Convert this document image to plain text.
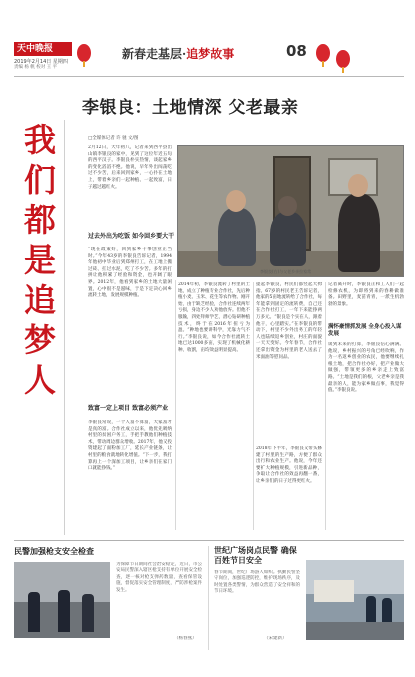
天中晚报
2019年2月14日 星期四
责编 杨 帆 校对 王 平
新春走基层·追梦故事	08
李银良：土地情深 父老最亲
我
们
都
是
追
梦
人
□全媒体记者 许 驰 文/图
2月12日，大年初八，记者来到西平县出山镇李银良的家中，见到了这位年近五旬的西平汉子。李银良朴实热情，谈起家乡的变化滔滔不绝。他说，早年外出闯荡吃过不少苦，后来回到家乡，一心扑在土地上，带着乡亲们一起种植、一起致富，日子越过越红火。
过去外出为吃饭 如今回乡要大干
“现在政策好，回到家乡干事创业正当时。”今年43岁的李银良告诉记者，1994年他初中毕业后到郑州打工，在工地上搬过砖、扛过水泥，吃了不少苦。多年的打拼让他积累了经验和资金，也开阔了眼界。2012年，他看到家乡的土地大量闲置，心中很不是滋味，于是下定决心回乡流转土地，发展规模种植。
李银良(右)与父老乡亲拉家常
致富一定上项目 致富必须产业
李银良常说，一个人富不算富，大家富才是真的富。合作社成立以来，他优先吸纳村里的贫困户务工，手把手教他们种植技术，带动周边群众增收。2017年，他又投资建起了面粉加工厂，延长产业链条，让村里的粮食就地转化增值。“下一步，我打算再上一个深加工项目，让乡亲们在家门口就能挣钱。”
2014年初，李银良流转了村里的土地，成立了种植专业合作社，先后种植小麦、玉米、花生等农作物。刚开始，由于缺乏经验，合作社连续两年亏损，身边不少人劝他放弃。但他不服输，四处拜师学艺，潜心钻研种植技术，终于在2016年扭亏为盈。“种地也要讲科学，光靠力气不行。”李银良说，如今合作社流转土地已达1000多亩，实现了机械化耕种、收割，亩均效益明显提高。
提起李银良，村民们都竖起大拇指。67岁的村民老王告诉记者，他家的5亩地流转给了合作社，每年能拿到固定的流转费，自己还在合作社打工，一年下来能挣两万多元。“银良是个实在人，跟着他干，心里踏实。”在李银良的带动下，村里不少外出务工的年轻人也陆续返乡创业，村庄的面貌一天天变好。今年春节，合作社还拿出资金为村里的老人送去了米面油等慰问品。
2018年下半年，李银良又带头修建了村里的生产路，方便了群众出行和农业生产。他说，今年还要扩大种植规模，引进新品种，争取让合作社的效益再翻一番，让乡亲们的日子过得更红火。
记者离开时，李银良正和工人们一起检修农机，为即将到来的春耕做准备。田野里，麦苗青青，一派生机勃勃的景象。
满怀豪情抓发展 全身心投入谋发展
谈到未来的打算，李银良信心满满。他说，乡村振兴的号角已经吹响，作为一名返乡创业的农民，他要继续扎根土地，把合作社办好，把产业做大做强，带领更多的乡亲走上致富路。“土地是我们的根，父老乡亲是我最亲的人，能为家乡做点事，我觉得值。”李银良说。
民警加强枪支安全检查
为保障节日期间社会治安稳定，近日，市公安局民警深入辖区枪支持有单位开展安全检查，逐一核对枪支弹药数量，查看保管设施，督促落实安全管理制度，严防涉枪案件发生。
（杨春燕）
世纪广场岗点民警 确保百姓节日安全
春节期间，世纪广场游人如织。执勤民警坚守岗位，加强巡逻防控，维护现场秩序，及时处置各类警情，为群众营造了安全祥和的节日环境。
（宋建新）
